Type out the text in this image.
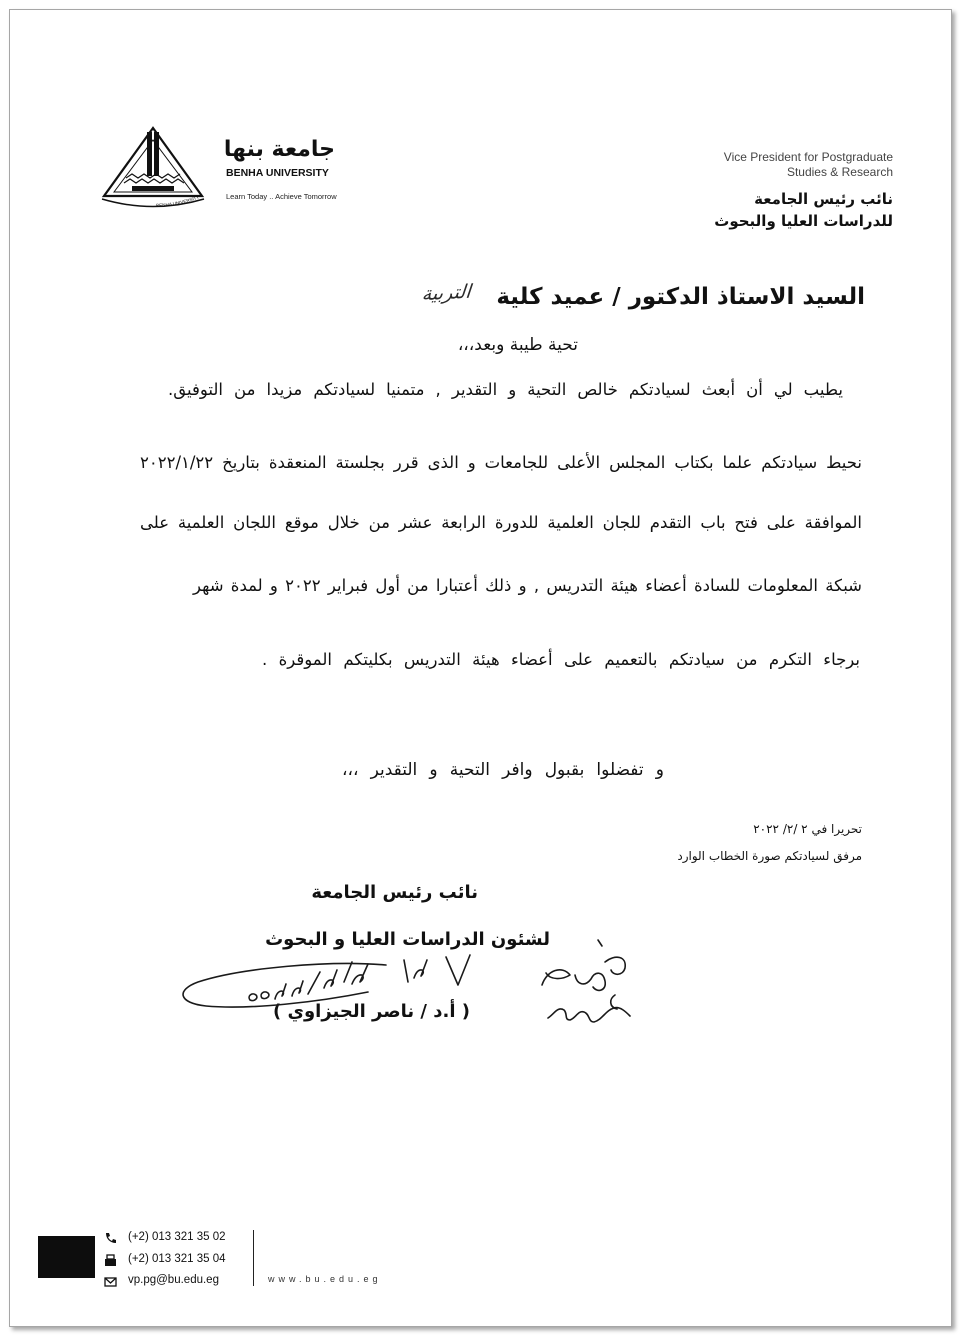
BENHA UNIVERSITY
جامعة بنها
BENHA UNIVERSITY
Learn Today .. Achieve Tomorrow
Vice President for Postgraduate
Studies & Research
نائب رئيس الجامعة
للدراسات العليا والبحوث
السيد الاستاذ الدكتور / عميد كلية
التربية
تحية طيبة وبعد،،،
يطيب لي أن أبعث لسيادتكم خالص التحية و التقدير , متمنيا لسيادتكم مزيدا من التوفيق.
نحيط سيادتكم علما بكتاب المجلس الأعلى للجامعات و الذى قرر بجلستة المنعقدة بتاريخ ٢٠٢٢/١/٢٢
الموافقة على فتح باب التقدم للجان العلمية للدورة الرابعة عشر من خلال موقع اللجان العلمية على
شبكة المعلومات للسادة أعضاء هيئة التدريس , و ذلك أعتبارا من أول فبراير ٢٠٢٢ و لمدة شهر
برجاء التكرم من سيادتكم بالتعميم على أعضاء هيئة التدريس بكليتكم الموقرة .
و تفضلوا بقبول وافر التحية و التقدير ،،،
تحريرا في ٢ /٢/ ٢٠٢٢
مرفق لسيادتكم صورة الخطاب الوارد
نائب رئيس الجامعة
لشئون الدراسات العليا و البحوث
( أ.د / ناصر الجيزاوي )
(+2) 013 321 35 02
(+2) 013 321 35 04
vp.pg@bu.edu.eg	www.bu.edu.eg
